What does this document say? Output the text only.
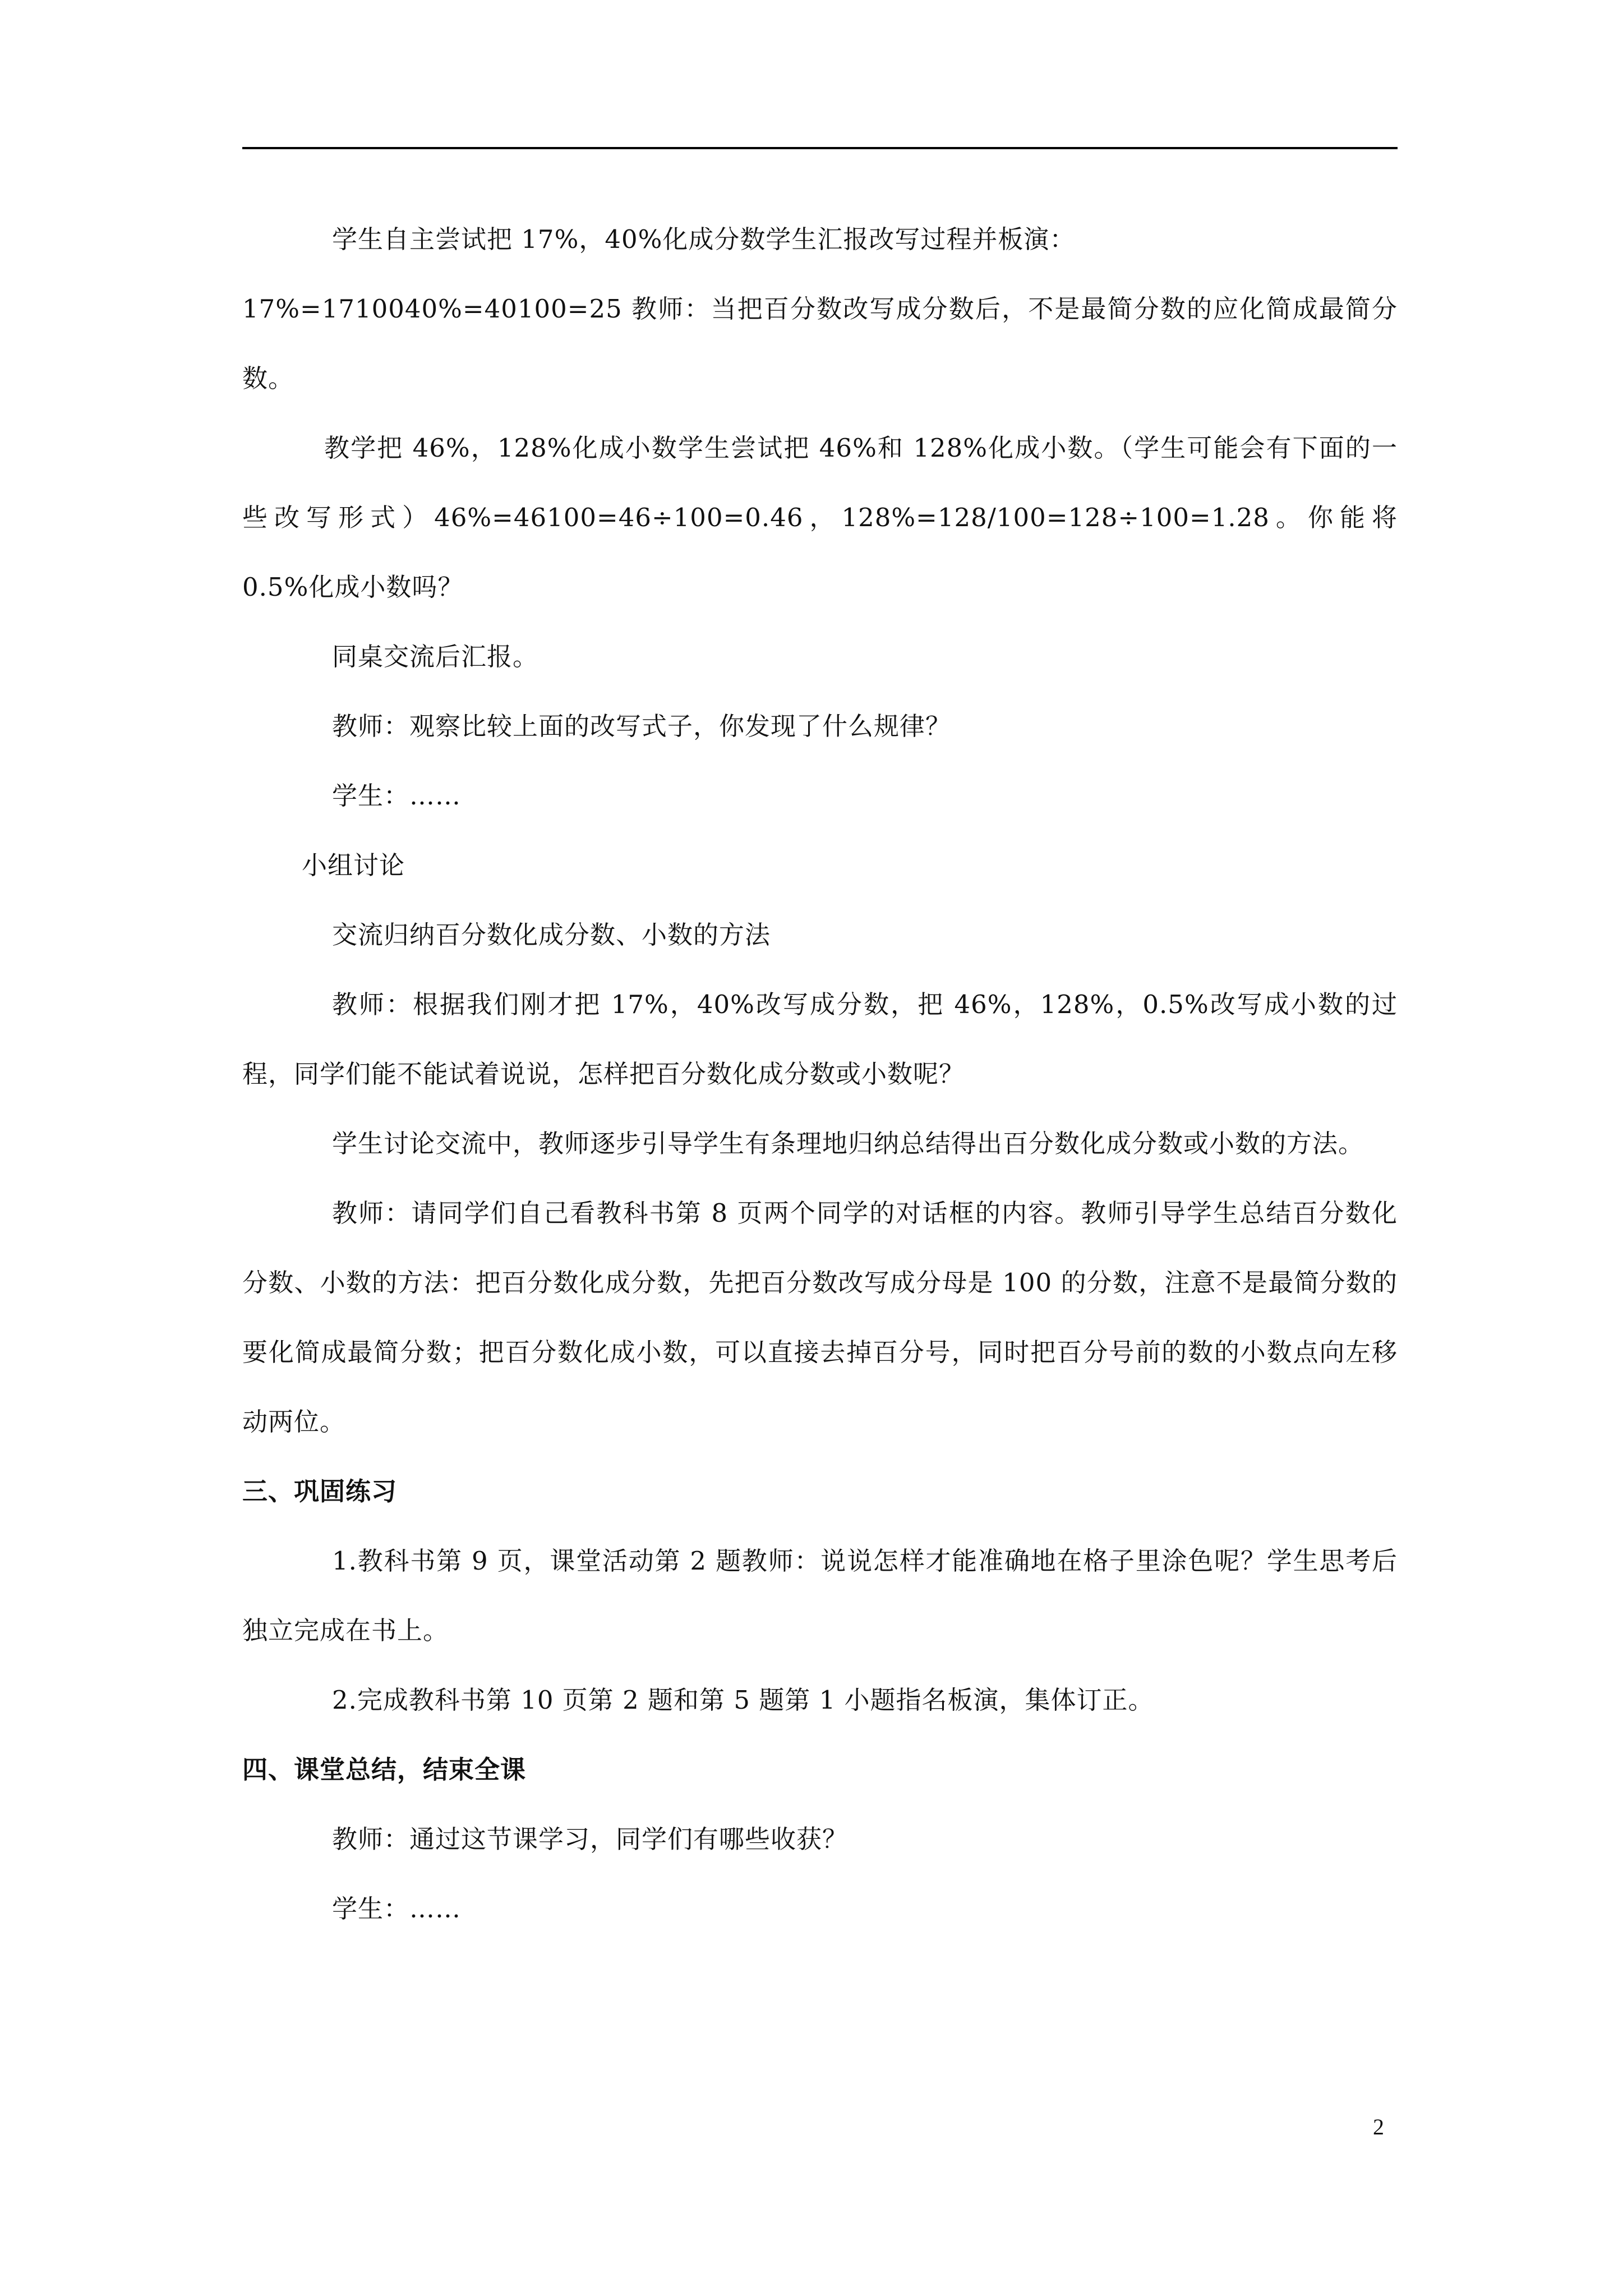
学生自主尝试把 17%，40%化成分数学生汇报改写过程并板演：

17%=1710040%=40100=25 教师：当把百分数改写成分数后，不是最简分数的应化简成最简分数。

教学把 46%，128%化成小数学生尝试把 46%和 128%化成小数。（学生可能会有下面的一些改写形式）46%=46100=46÷100=0.46，128%=128/100=128÷100=1.28。你能将 0.5%化成小数吗？

同桌交流后汇报。

教师：观察比较上面的改写式子，你发现了什么规律？

学生：……

小组讨论

交流归纳百分数化成分数、小数的方法

教师：根据我们刚才把 17%，40%改写成分数，把 46%，128%，0.5%改写成小数的过程，同学们能不能试着说说，怎样把百分数化成分数或小数呢？

学生讨论交流中，教师逐步引导学生有条理地归纳总结得出百分数化成分数或小数的方法。

教师：请同学们自己看教科书第 8 页两个同学的对话框的内容。教师引导学生总结百分数化分数、小数的方法：把百分数化成分数，先把百分数改写成分母是 100 的分数，注意不是最简分数的要化简成最简分数；把百分数化成小数，可以直接去掉百分号，同时把百分号前的数的小数点向左移动两位。

三、巩固练习

1.教科书第 9 页，课堂活动第 2 题教师：说说怎样才能准确地在格子里涂色呢？学生思考后独立完成在书上。

2.完成教科书第 10 页第 2 题和第 5 题第 1 小题指名板演，集体订正。

四、课堂总结，结束全课

教师：通过这节课学习，同学们有哪些收获？

学生：……

2
